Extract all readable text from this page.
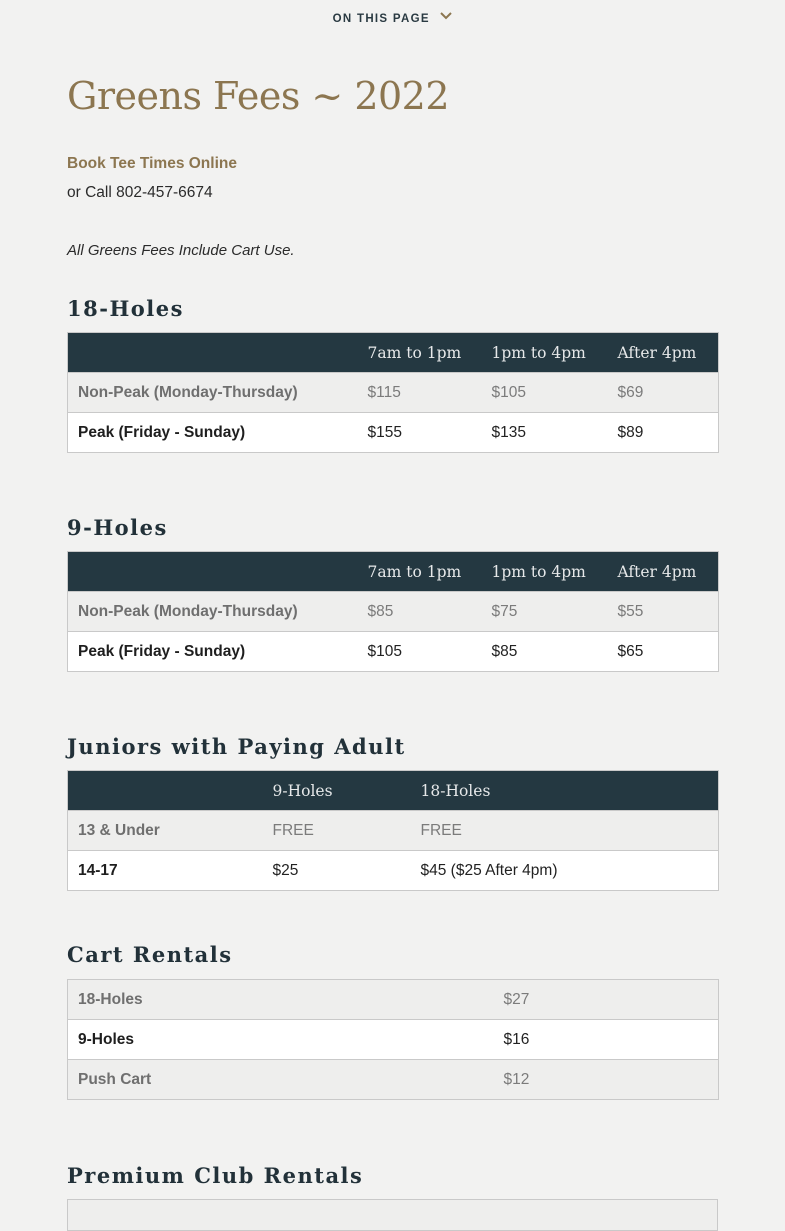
ON THIS PAGE
Greens Fees ~ 2022
Book Tee Times Online
or Call 802-457-6674
All Greens Fees Include Cart Use.
18-Holes
	7am to 1pm	1pm to 4pm	After 4pm
Non-Peak (Monday-Thursday)	$115	$105	$69
Peak (Friday - Sunday)	$155	$135	$89
9-Holes
	7am to 1pm	1pm to 4pm	After 4pm
Non-Peak (Monday-Thursday)	$85	$75	$55
Peak (Friday - Sunday)	$105	$85	$65
Juniors with Paying Adult
	9-Holes	18-Holes
13 & Under	FREE	FREE
14-17	$25	$45 ($25 After 4pm)
Cart Rentals
18-Holes	$27
9-Holes	$16
Push Cart	$12
Premium Club Rentals
